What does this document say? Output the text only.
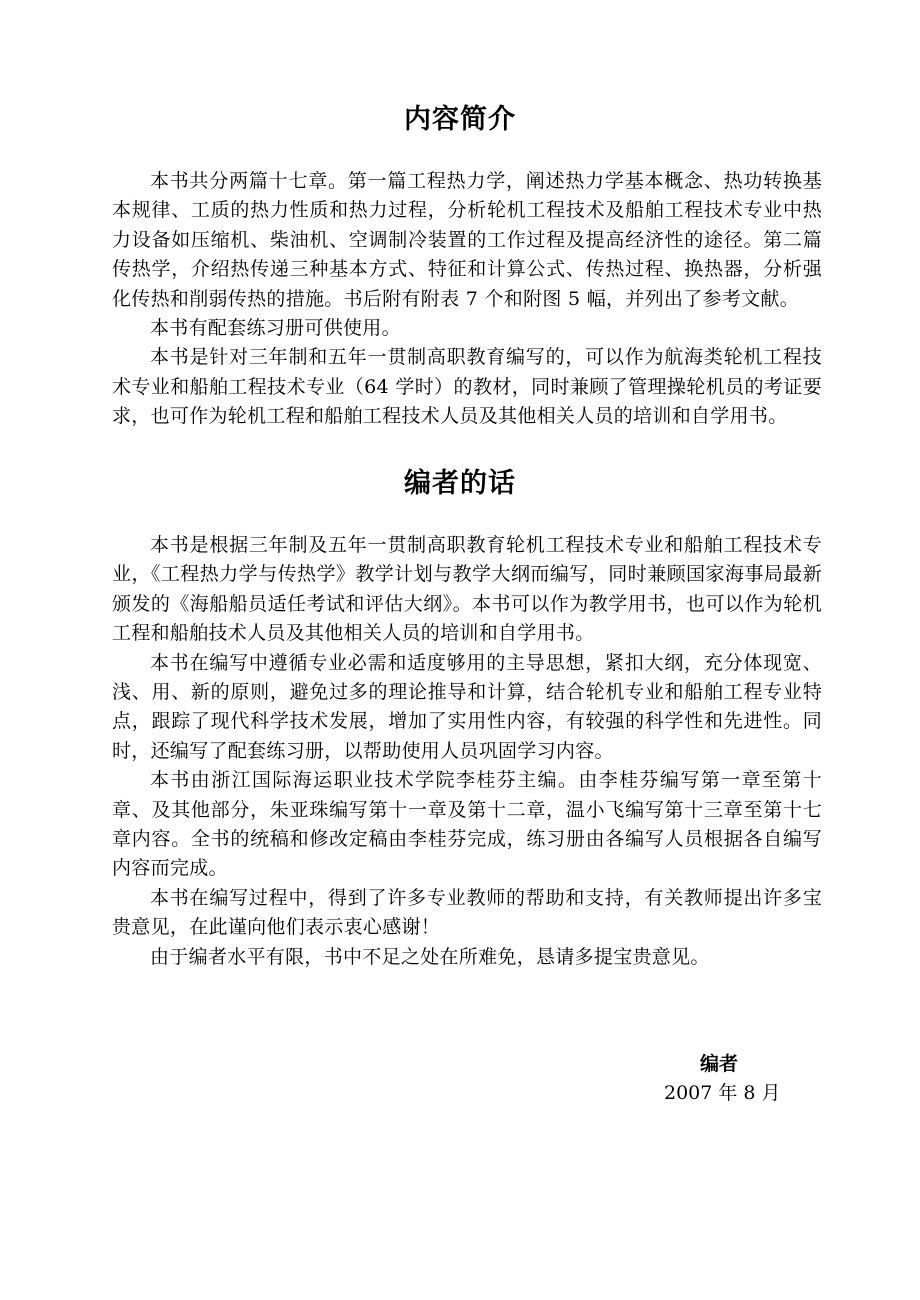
内容简介

本书共分两篇十七章。第一篇工程热力学，阐述热力学基本概念、热功转换基本规律、工质的热力性质和热力过程，分析轮机工程技术及船舶工程技术专业中热力设备如压缩机、柴油机、空调制冷装置的工作过程及提高经济性的途径。第二篇传热学，介绍热传递三种基本方式、特征和计算公式、传热过程、换热器，分析强化传热和削弱传热的措施。书后附有附表 7 个和附图 5 幅，并列出了参考文献。

本书有配套练习册可供使用。

本书是针对三年制和五年一贯制高职教育编写的，可以作为航海类轮机工程技术专业和船舶工程技术专业（64 学时）的教材，同时兼顾了管理操轮机员的考证要求，也可作为轮机工程和船舶工程技术人员及其他相关人员的培训和自学用书。

编者的话

本书是根据三年制及五年一贯制高职教育轮机工程技术专业和船舶工程技术专业，《工程热力学与传热学》教学计划与教学大纲而编写，同时兼顾国家海事局最新颁发的《海船船员适任考试和评估大纲》。本书可以作为教学用书，也可以作为轮机工程和船舶技术人员及其他相关人员的培训和自学用书。

本书在编写中遵循专业必需和适度够用的主导思想，紧扣大纲，充分体现宽、浅、用、新的原则，避免过多的理论推导和计算，结合轮机专业和船舶工程专业特点，跟踪了现代科学技术发展，增加了实用性内容，有较强的科学性和先进性。同时，还编写了配套练习册，以帮助使用人员巩固学习内容。

本书由浙江国际海运职业技术学院李桂芬主编。由李桂芬编写第一章至第十章、及其他部分，朱亚珠编写第十一章及第十二章，温小飞编写第十三章至第十七章内容。全书的统稿和修改定稿由李桂芬完成，练习册由各编写人员根据各自编写内容而完成。

本书在编写过程中，得到了许多专业教师的帮助和支持，有关教师提出许多宝贵意见，在此谨向他们表示衷心感谢！

由于编者水平有限，书中不足之处在所难免，恳请多提宝贵意见。

编者
2007 年 8 月
